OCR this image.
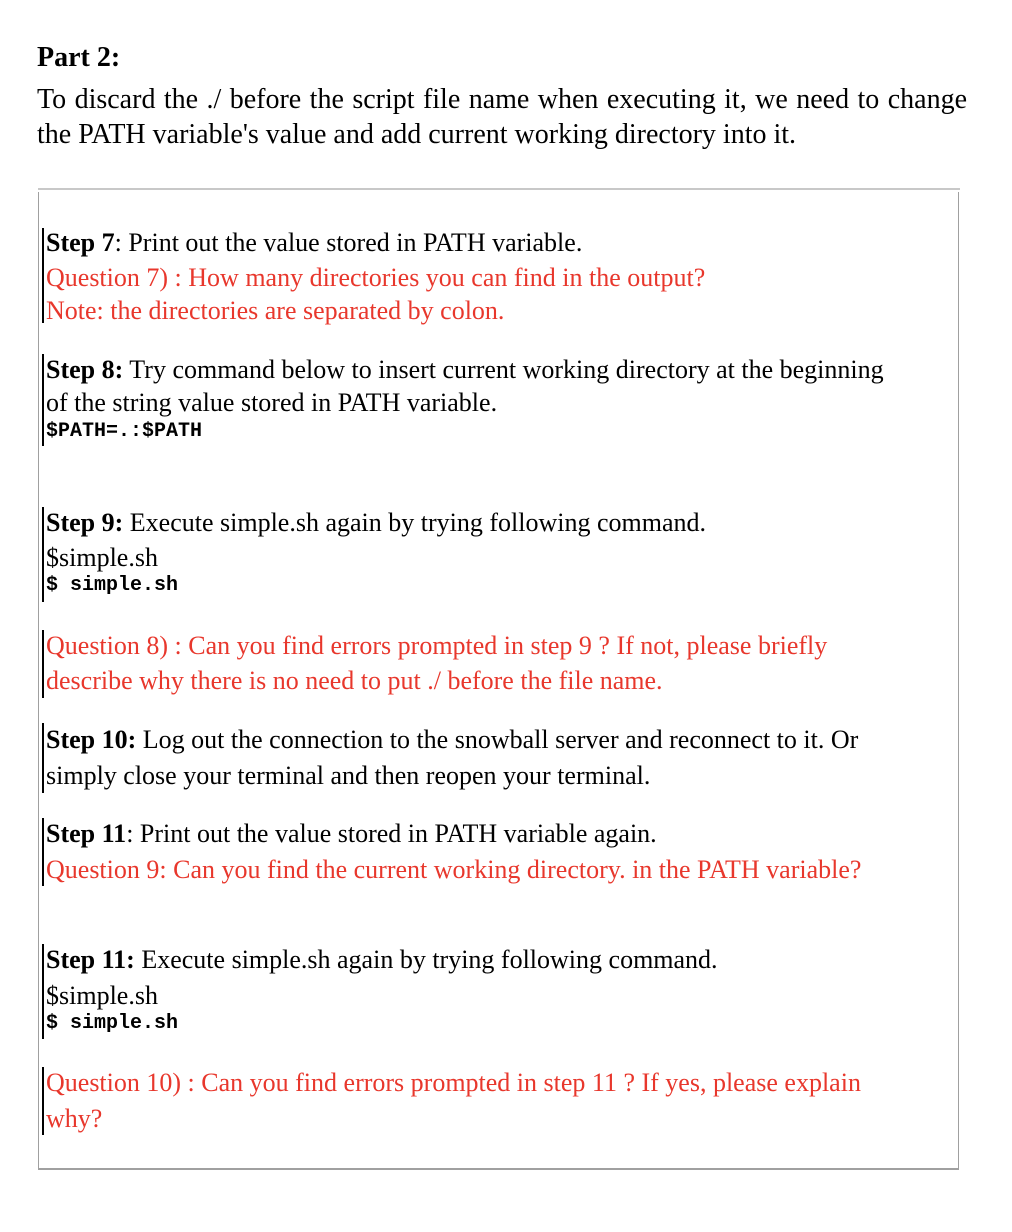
Part 2:

To discard the ./ before the script file name when executing it, we need to change the PATH variable's value and add current working directory into it.

Step 7: Print out the value stored in PATH variable.

Question 7) : How many directories you can find in the output?

Note: the directories are separated by colon.

Step 8: Try command below to insert current working directory at the beginning

of the string value stored in PATH variable.

$PATH=.:$PATH

Step 9: Execute simple.sh again by trying following command.

$simple.sh

$ simple.sh

Question 8) : Can you find errors prompted in step 9 ? If not, please briefly

describe why there is no need to put ./ before the file name.

Step 10: Log out the connection to the snowball server and reconnect to it. Or

simply close your terminal and then reopen your terminal.

Step 11: Print out the value stored in PATH variable again.

Question 9: Can you find the current working directory. in the PATH variable?

Step 11: Execute simple.sh again by trying following command.

$simple.sh

$ simple.sh

Question 10) : Can you find errors prompted in step 11 ? If yes, please explain

why?
